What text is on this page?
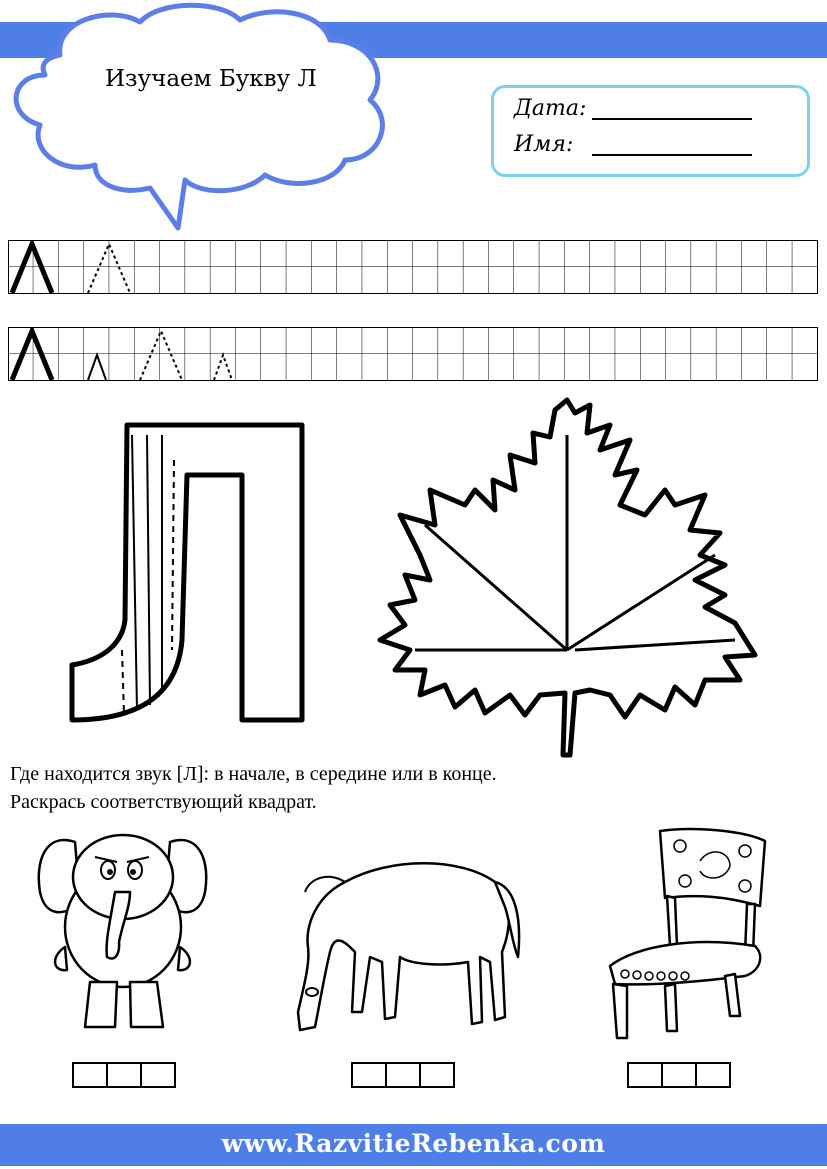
Изучаем Букву Л
Дата:
Имя:
Где находится звук [Л]: в начале, в середине или в конце.
Раскрась соответствующий квадрат.
www.RazvitieRebenka.com
